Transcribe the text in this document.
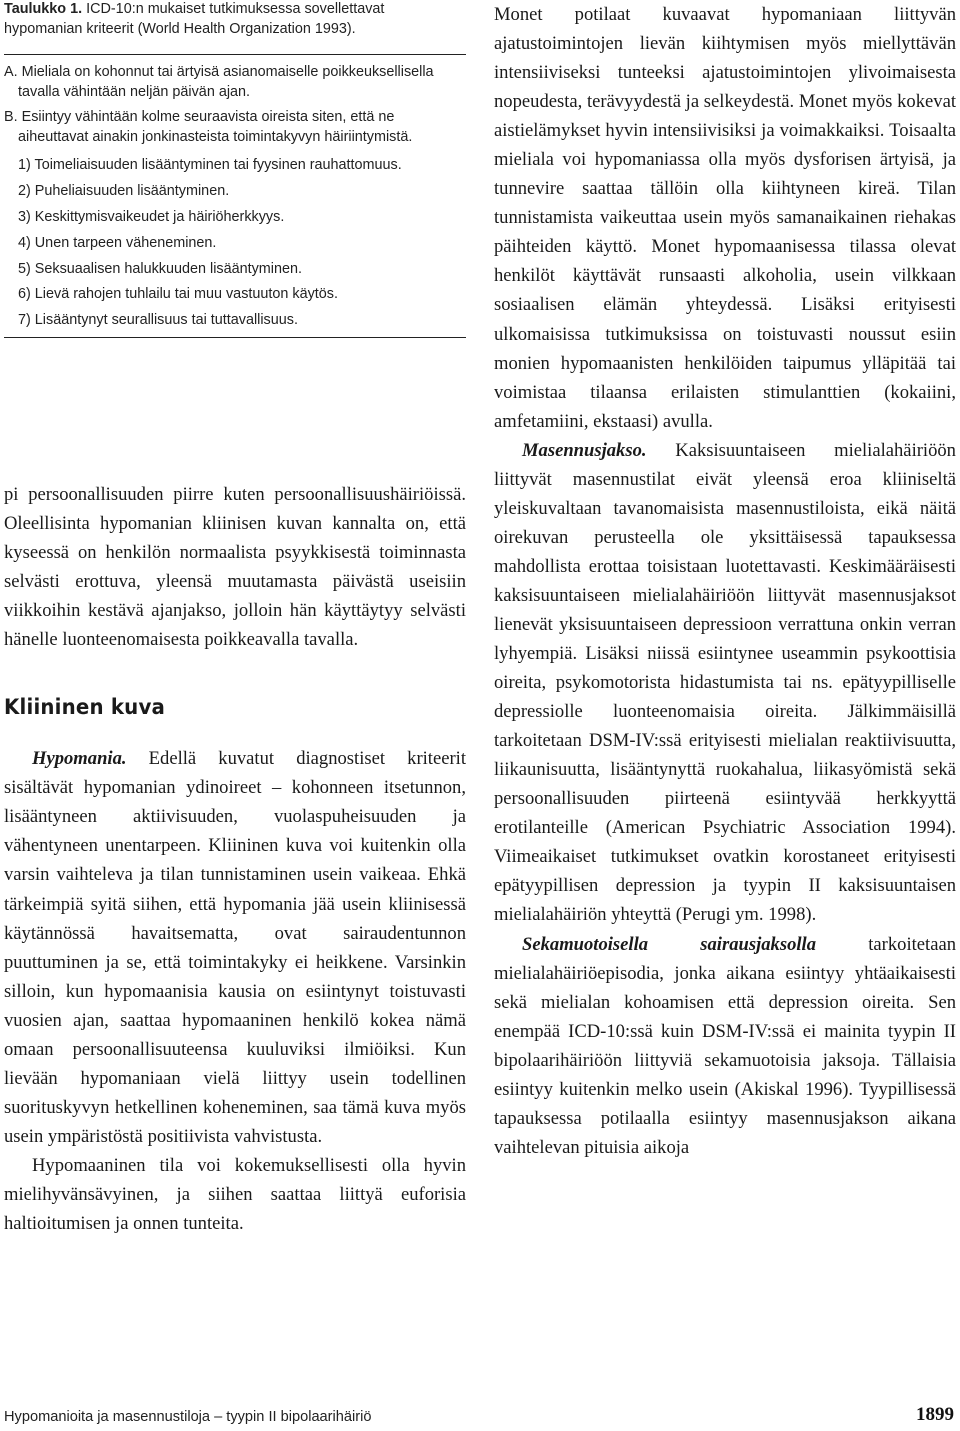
Taulukko 1. ICD-10:n mukaiset tutkimuksessa sovellettavat hypomanian kriteerit (World Health Organization 1993).

A. Mieliala on kohonnut tai ärtyisä asianomaiselle poikkeuksellisella tavalla vähintään neljän päivän ajan.

B. Esiintyy vähintään kolme seuraavista oireista siten, että ne aiheuttavat ainakin jonkinasteista toimintakyvyn häiriintymistä.

1) Toimeliaisuuden lisääntyminen tai fyysinen rauhattomuus.
2) Puheliaisuuden lisääntyminen.
3) Keskittymisvaikeudet ja häiriöherkkyys.
4) Unen tarpeen väheneminen.
5) Seksuaalisen halukkuuden lisääntyminen.
6) Lievä rahojen tuhlailu tai muu vastuuton käytös.
7) Lisääntynyt seurallisuus tai tuttavallisuus.

pi persoonallisuuden piirre kuten persoonallisuushäiriöissä. Oleellisinta hypomanian kliinisen kuvan kannalta on, että kyseessä on henkilön normaalista psyykkisestä toiminnasta selvästi erottuva, yleensä muutamasta päivästä useisiin viikkoihin kestävä ajanjakso, jolloin hän käyttäytyy selvästi hänelle luonteenomaisesta poikkeavalla tavalla.

Kliininen kuva

Hypomania. Edellä kuvatut diagnostiset kriteerit sisältävät hypomanian ydinoireet – kohonneen itsetunnon, lisääntyneen aktiivisuuden, vuolaspuheisuuden ja vähentyneen unentarpeen. Kliininen kuva voi kuitenkin olla varsin vaihteleva ja tilan tunnistaminen usein vaikeaa. Ehkä tärkeimpiä syitä siihen, että hypomania jää usein kliinisessä käytännössä havaitsematta, ovat sairaudentunnon puuttuminen ja se, että toimintakyky ei heikkene. Varsinkin silloin, kun hypomaanisia kausia on esiintynyt toistuvasti vuosien ajan, saattaa hypomaaninen henkilö kokea nämä omaan persoonallisuuteensa kuuluviksi ilmiöiksi. Kun lievään hypomaniaan vielä liittyy usein todellinen suorituskyvyn hetkellinen koheneminen, saa tämä kuva myös usein ympäristöstä positiivista vahvistusta.

Hypomaaninen tila voi kokemuksellisesti olla hyvin mielihyvänsävyinen, ja siihen saattaa liittyä euforisia haltioitumisen ja onnen tunteita.

Monet potilaat kuvaavat hypomaniaan liittyvän ajatustoimintojen lievän kiihtymisen myös miellyttävän intensiiviseksi tunteeksi ajatustoimintojen ylivoimaisesta nopeudesta, terävyydestä ja selkeydestä. Monet myös kokevat aistielämykset hyvin intensiivisiksi ja voimakkaiksi. Toisaalta mieliala voi hypomaniassa olla myös dysforisen ärtyisä, ja tunnevire saattaa tällöin olla kiihtyneen kireä. Tilan tunnistamista vaikeuttaa usein myös samanaikainen riehakas päihteiden käyttö. Monet hypomaanisessa tilassa olevat henkilöt käyttävät runsaasti alkoholia, usein vilkkaan sosiaalisen elämän yhteydessä. Lisäksi erityisesti ulkomaisissa tutkimuksissa on toistuvasti noussut esiin monien hypomaanisten henkilöiden taipumus ylläpitää tai voimistaa tilaansa erilaisten stimulanttien (kokaiini, amfetamiini, ekstaasi) avulla.

Masennusjakso. Kaksisuuntaiseen mielialahäiriöön liittyvät masennustilat eivät yleensä eroa kliiniseltä yleiskuvaltaan tavanomaisista masennustiloista, eikä näitä oirekuvan perusteella ole yksittäisessä tapauksessa mahdollista erottaa toisistaan luotettavasti. Keskimääräisesti kaksisuuntaiseen mielialahäiriöön liittyvät masennusjaksot lienevät yksisuuntaiseen depressioon verrattuna onkin verran lyhyempiä. Lisäksi niissä esiintynee useammin psykoottisia oireita, psykomotorista hidastumista tai ns. epätyypilliselle depressiolle luonteenomaisia oireita. Jälkimmäisillä tarkoitetaan DSM-IV:ssä erityisesti mielialan reaktiivisuutta, liikaunisuutta, lisääntynyttä ruokahalua, liikasyömistä sekä persoonallisuuden piirteenä esiintyvää herkkyyttä erotilanteille (American Psychiatric Association 1994). Viimeaikaiset tutkimukset ovatkin korostaneet erityisesti epätyypillisen depression ja tyypin II kaksisuuntaisen mielialahäiriön yhteyttä (Perugi ym. 1998).

Sekamuotoisella sairausjaksolla	tarkoitetaan mielialahäiriöepisodia, jonka aikana esiintyy yhtäaikaisesti sekä mielialan kohoamisen että depression oireita. Sen enempää ICD-10:ssä kuin DSM-IV:ssä ei mainita tyypin II bipolaarihäiriöön liittyviä sekamuotoisia jaksoja. Tällaisia esiintyy kuitenkin melko usein (Akiskal 1996). Tyypillisessä tapauksessa potilaalla esiintyy masennusjakson aikana vaihtelevan pituisia aikoja

Hypomanioita ja masennustiloja – tyypin II bipolaarihäiriö	1899
